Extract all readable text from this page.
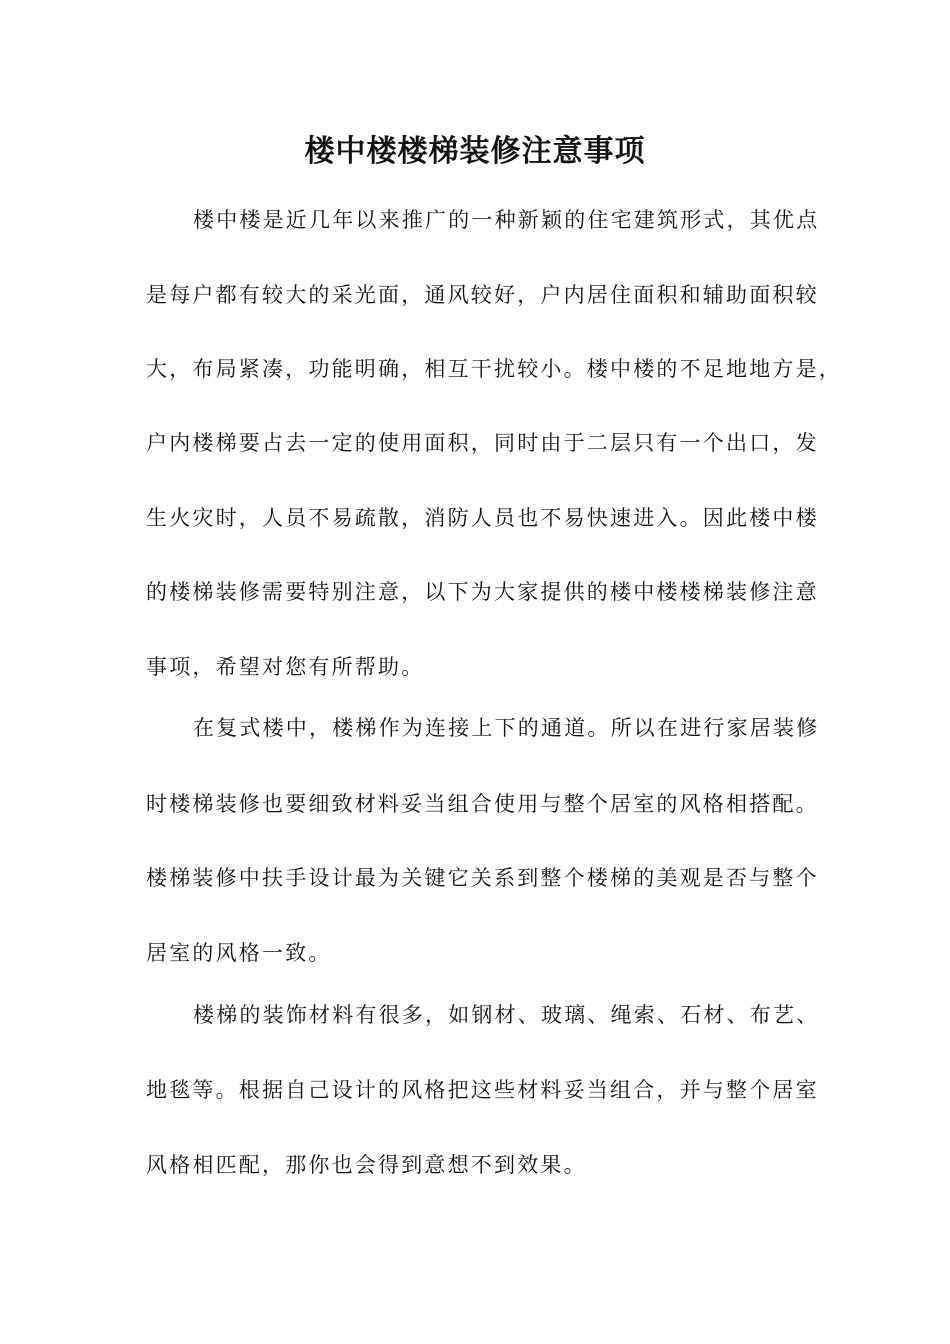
楼中楼楼梯装修注意事项
楼中楼是近几年以来推广的一种新颖的住宅建筑形式，其优点
是每户都有较大的采光面，通风较好，户内居住面积和辅助面积较
大，布局紧凑，功能明确，相互干扰较小。楼中楼的不足地地方是，
户内楼梯要占去一定的使用面积，同时由于二层只有一个出口，发
生火灾时，人员不易疏散，消防人员也不易快速进入。因此楼中楼
的楼梯装修需要特别注意，以下为大家提供的楼中楼楼梯装修注意
事项，希望对您有所帮助。
在复式楼中，楼梯作为连接上下的通道。所以在进行家居装修
时楼梯装修也要细致材料妥当组合使用与整个居室的风格相搭配。
楼梯装修中扶手设计最为关键它关系到整个楼梯的美观是否与整个
居室的风格一致。
楼梯的装饰材料有很多，如钢材、玻璃、绳索、石材、布艺、
地毯等。根据自己设计的风格把这些材料妥当组合，并与整个居室
风格相匹配，那你也会得到意想不到效果。
